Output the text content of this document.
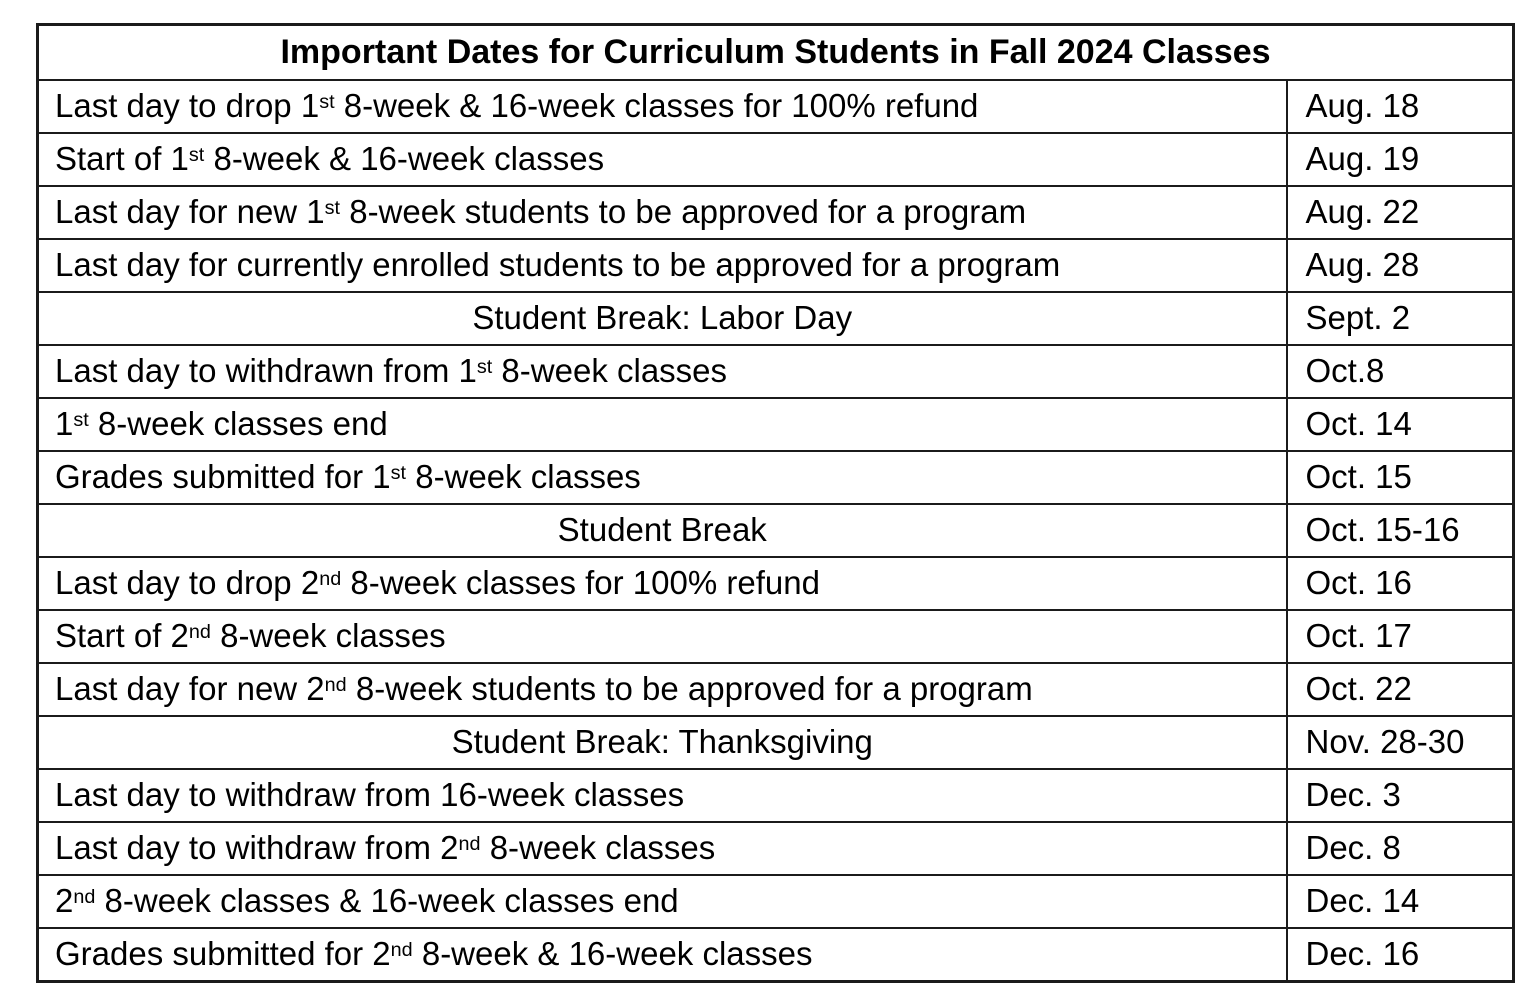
Important Dates for Curriculum Students in Fall 2024 Classes	
Last day to drop 1st 8-week & 16-week classes for 100% refund	Aug. 18
Start of 1st 8-week & 16-week classes	Aug. 19
Last day for new 1st 8-week students to be approved for a program	Aug. 22
Last day for currently enrolled students to be approved for a program	Aug. 28
Student Break: Labor Day	Sept. 2
Last day to withdrawn from 1st 8-week classes	Oct.8
1st 8-week classes end	Oct. 14
Grades submitted for 1st 8-week classes	Oct. 15
Student Break	Oct. 15-16
Last day to drop 2nd 8-week classes for 100% refund	Oct. 16
Start of 2nd 8-week classes	Oct. 17
Last day for new 2nd 8-week students to be approved for a program	Oct. 22
Student Break: Thanksgiving	Nov. 28-30
Last day to withdraw from 16-week classes	Dec. 3
Last day to withdraw from 2nd 8-week classes	Dec. 8
2nd 8-week classes & 16-week classes end	Dec. 14
Grades submitted for 2nd 8-week & 16-week classes	Dec. 16
